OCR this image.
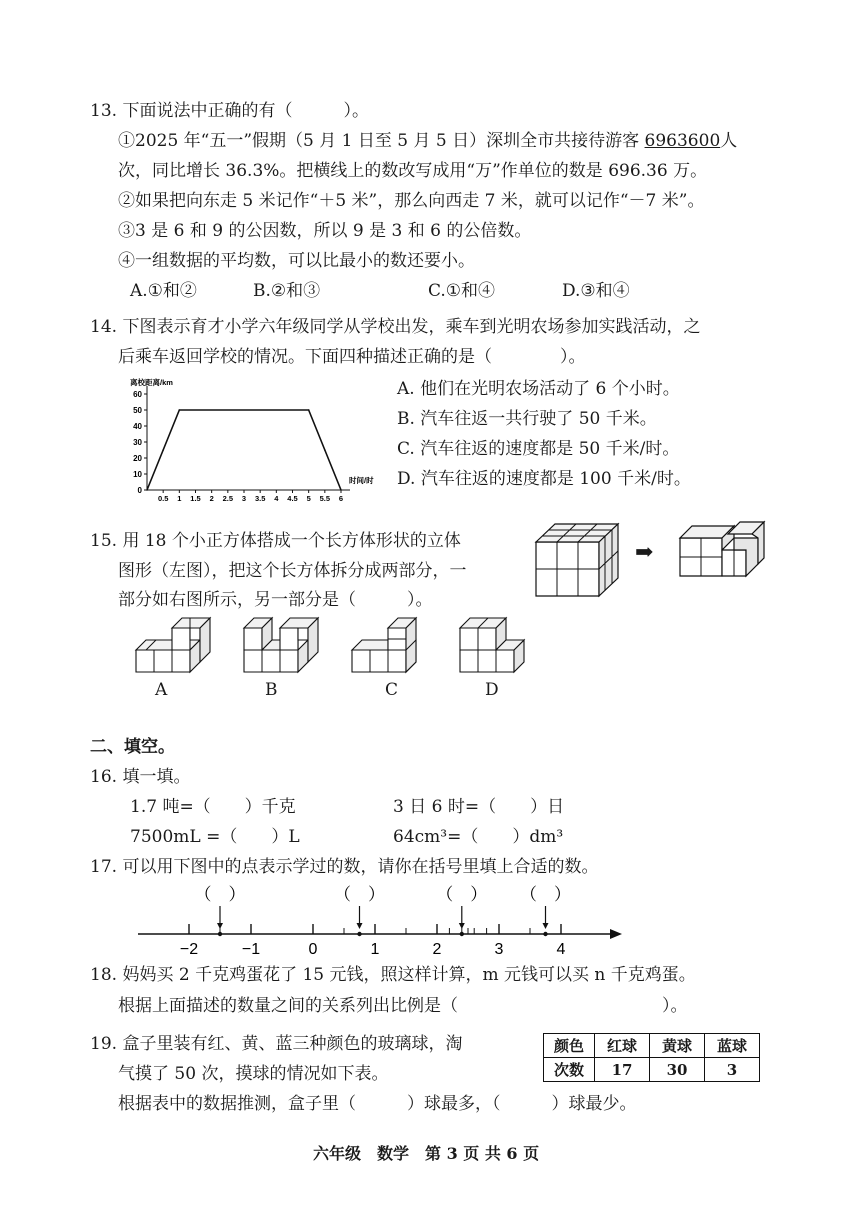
13. 下面说法中正确的有（　　　）。
①2025 年“五一”假期（5 月 1 日至 5 月 5 日）深圳全市共接待游客 6963600人
次，同比增长 36.3%。把横线上的数改写成用“万”作单位的数是 696.36 万。
②如果把向东走 5 米记作“＋5 米”，那么向西走 7 米，就可以记作“－7 米”。
③3 是 6 和 9 的公因数，所以 9 是 3 和 6 的公倍数。
④一组数据的平均数，可以比最小的数还要小。
A.①和②	B.②和③	C.①和④	D.③和④
14. 下图表示育才小学六年级同学从学校出发，乘车到光明农场参加实践活动，之
后乘车返回学校的情况。下面四种描述正确的是（　　　　）。
离校距离/km
0
10
20
30
40
50
60
0.5 1 1.5 2 2.5 3 3.5 4 4.5 5 5.5 6
时间/时
A. 他们在光明农场活动了 6 个小时。
B. 汽车往返一共行驶了 50 千米。
C. 汽车往返的速度都是 50 千米/时。
D. 汽车往返的速度都是 100 千米/时。
15. 用 18 个小正方体搭成一个长方体形状的立体
图形（左图），把这个长方体拆分成两部分，一
部分如右图所示，另一部分是（　　　）。
➡
A	B	C	D
二、填空。
16. 填一填。
1.7 吨=（　　）千克	3 日 6 时=（　　）日
7500mL =（　　）L	64cm³=（　　）dm³
17. 可以用下图中的点表示学过的数，请你在括号里填上合适的数。
−2	−1	0	1	2	3	4
（　）	（　）	（　） （　）
18. 妈妈买 2 千克鸡蛋花了 15 元钱，照这样计算，m 元钱可以买 n 千克鸡蛋。
根据上面描述的数量之间的关系列出比例是（　　　　　　　　　　　　）。
19. 盒子里装有红、黄、蓝三种颜色的玻璃球，淘
气摸了 50 次，摸球的情况如下表。
根据表中的数据推测，盒子里（　　　）球最多，（　　　）球最少。
颜色	红球	黄球	蓝球
次数	17	30	3
六年级　数学　第 3 页 共 6 页
